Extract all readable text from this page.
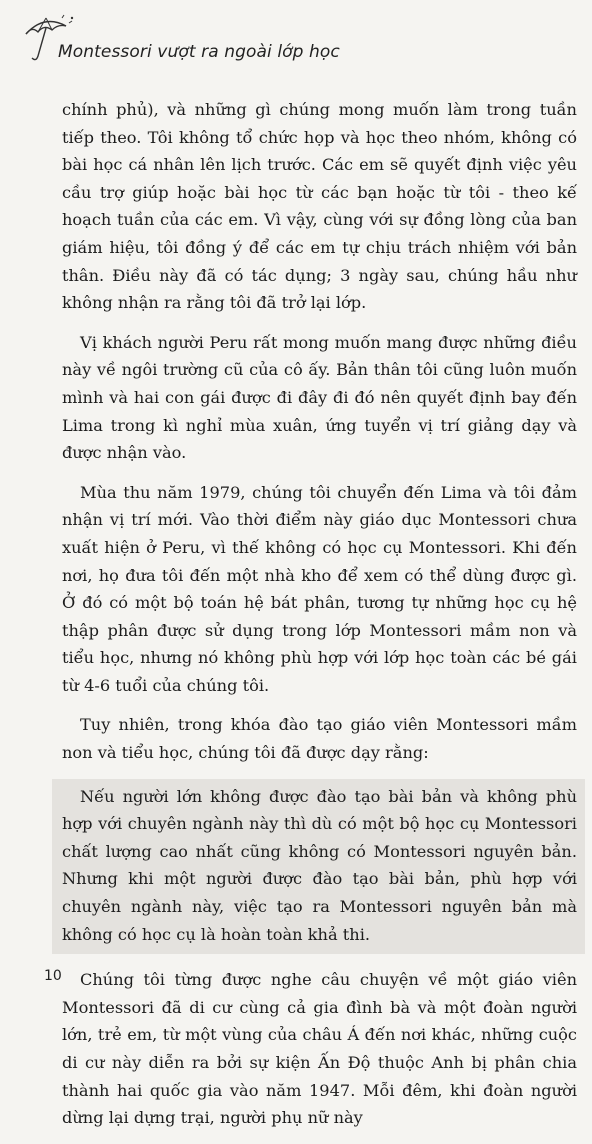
Montessori vượt ra ngoài lớp học

chính phủ), và những gì chúng mong muốn làm trong tuần tiếp theo. Tôi không tổ chức họp và học theo nhóm, không có bài học cá nhân lên lịch trước. Các em sẽ quyết định việc yêu cầu trợ giúp hoặc bài học từ các bạn hoặc từ tôi - theo kế hoạch tuần của các em. Vì vậy, cùng với sự đồng lòng của ban giám hiệu, tôi đồng ý để các em tự chịu trách nhiệm với bản thân. Điều này đã có tác dụng; 3 ngày sau, chúng hầu như không nhận ra rằng tôi đã trở lại lớp.

Vị khách người Peru rất mong muốn mang được những điều này về ngôi trường cũ của cô ấy. Bản thân tôi cũng luôn muốn mình và hai con gái được đi đây đi đó nên quyết định bay đến Lima trong kì nghỉ mùa xuân, ứng tuyển vị trí giảng dạy và được nhận vào.

Mùa thu năm 1979, chúng tôi chuyển đến Lima và tôi đảm nhận vị trí mới. Vào thời điểm này giáo dục Montessori chưa xuất hiện ở Peru, vì thế không có học cụ Montessori. Khi đến nơi, họ đưa tôi đến một nhà kho để xem có thể dùng được gì. Ở đó có một bộ toán hệ bát phân, tương tự những học cụ hệ thập phân được sử dụng trong lớp Montessori mầm non và tiểu học, nhưng nó không phù hợp với lớp học toàn các bé gái từ 4-6 tuổi của chúng tôi.

Tuy nhiên, trong khóa đào tạo giáo viên Montessori mầm non và tiểu học, chúng tôi đã được dạy rằng:

Nếu người lớn không được đào tạo bài bản và không phù hợp với chuyên ngành này thì dù có một bộ học cụ Montessori chất lượng cao nhất cũng không có Montessori nguyên bản. Nhưng khi một người được đào tạo bài bản, phù hợp với chuyên ngành này, việc tạo ra Montessori nguyên bản mà không có học cụ là hoàn toàn khả thi.

Chúng tôi từng được nghe câu chuyện về một giáo viên Montessori đã di cư cùng cả gia đình bà và một đoàn người lớn, trẻ em, từ một vùng của châu Á đến nơi khác, những cuộc di cư này diễn ra bởi sự kiện Ấn Độ thuộc Anh bị phân chia thành hai quốc gia vào năm 1947. Mỗi đêm, khi đoàn người dừng lại dựng trại, người phụ nữ này

10
